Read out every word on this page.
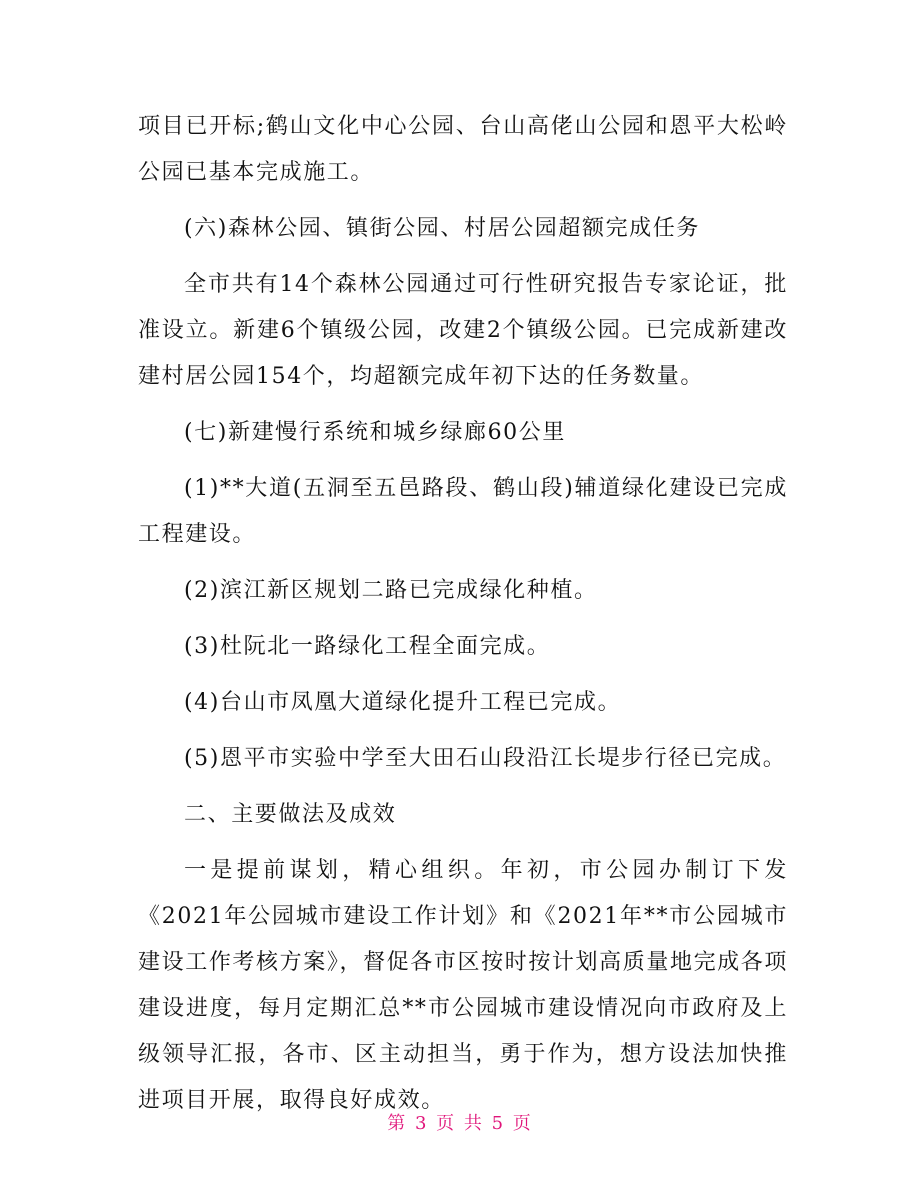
项目已开标;鹤山文化中心公园、台山高佬山公园和恩平大松岭公园已基本完成施工。

(六)森林公园、镇街公园、村居公园超额完成任务

全市共有14个森林公园通过可行性研究报告专家论证，批准设立。新建6个镇级公园，改建2个镇级公园。已完成新建改建村居公园154个，均超额完成年初下达的任务数量。

(七)新建慢行系统和城乡绿廊60公里

(1)**大道(五洞至五邑路段、鹤山段)辅道绿化建设已完成工程建设。

(2)滨江新区规划二路已完成绿化种植。

(3)杜阮北一路绿化工程全面完成。

(4)台山市凤凰大道绿化提升工程已完成。

(5)恩平市实验中学至大田石山段沿江长堤步行径已完成。

二、主要做法及成效

一是提前谋划，精心组织。年初，市公园办制订下发《2021年公园城市建设工作计划》和《2021年**市公园城市建设工作考核方案》，督促各市区按时按计划高质量地完成各项建设进度，每月定期汇总**市公园城市建设情况向市政府及上级领导汇报，各市、区主动担当，勇于作为，想方设法加快推进项目开展，取得良好成效。

第 3 页 共 5 页
